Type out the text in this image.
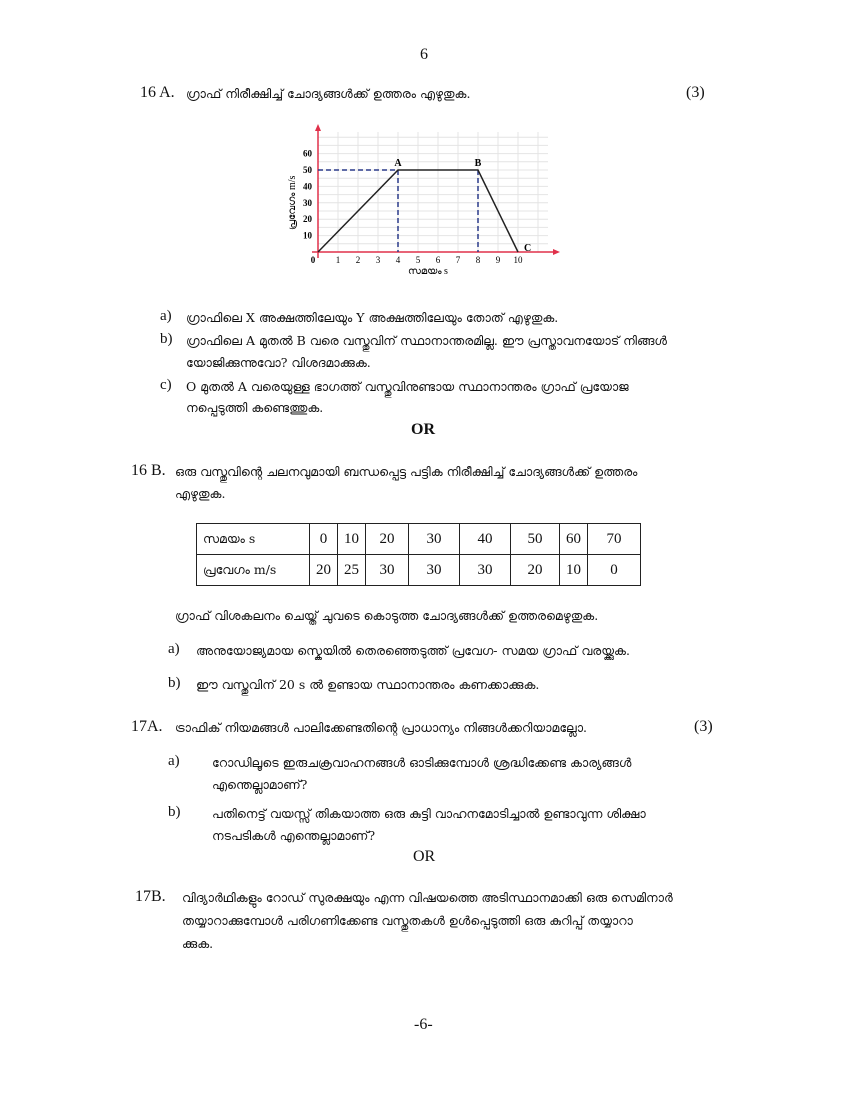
6
16 A. ഗ്രാഫ് നിരീക്ഷിച്ച് ചോദ്യങ്ങൾക്ക് ഉത്തരം എഴുതുക.	(3)
1 2 3 4 5 6 7 8 9 10
0
10
20
30
40
50
60
A	B
C
സമയം s
പ്രവേഗം m/s
a) ഗ്രാഫിലെ X അക്ഷത്തിലേയും Y അക്ഷത്തിലേയും തോത് എഴുതുക.
b) ഗ്രാഫിലെ A മുതൽ B വരെ വസ്തുവിന് സ്ഥാനാന്തരമില്ല. ഈ പ്രസ്താവനയോട് നിങ്ങൾ
യോജിക്കുന്നുവോ? വിശദമാക്കുക.
c) O മുതൽ A വരെയുള്ള ഭാഗത്ത് വസ്തുവിനുണ്ടായ സ്ഥാനാന്തരം ഗ്രാഫ് പ്രയോജ
നപ്പെടുത്തി കണ്ടെത്തുക.
OR
16 B. ഒരു വസ്തുവിന്റെ ചലനവുമായി ബന്ധപ്പെട്ട പട്ടിക നിരീക്ഷിച്ച് ചോദ്യങ്ങൾക്ക് ഉത്തരം
എഴുതുക.
സമയം s	0	10	20	30	40	50	60	70
പ്രവേഗം m/s	20	25	30	30	30	20	10	0
ഗ്രാഫ് വിശകലനം ചെയ്ത് ചുവടെ കൊടുത്ത ചോദ്യങ്ങൾക്ക് ഉത്തരമെഴുതുക.
a) അനുയോജ്യമായ സ്കെയിൽ തെരഞ്ഞെടുത്ത് പ്രവേഗ- സമയ ഗ്രാഫ് വരയ്ക്കുക.
b) ഈ വസ്തുവിന് 20 s ൽ ഉണ്ടായ സ്ഥാനാന്തരം കണക്കാക്കുക.
17A. ട്രാഫിക് നിയമങ്ങൾ പാലിക്കേണ്ടതിന്റെ പ്രാധാന്യം നിങ്ങൾക്കറിയാമല്ലോ.	(3)
a)	റോഡിലൂടെ ഇരുചക്രവാഹനങ്ങൾ ഓടിക്കുമ്പോൾ ശ്രദ്ധിക്കേണ്ട കാര്യങ്ങൾ
എന്തെല്ലാമാണ്?
b)	പതിനെട്ട് വയസ്സ് തികയാത്ത ഒരു കുട്ടി വാഹനമോടിച്ചാൽ ഉണ്ടാവുന്ന ശിക്ഷാ
നടപടികൾ എന്തെല്ലാമാണ്?
OR
17B. വിദ്യാർഥികളും റോഡ് സുരക്ഷയും എന്ന വിഷയത്തെ അടിസ്ഥാനമാക്കി ഒരു സെമിനാർ
തയ്യാറാക്കുമ്പോൾ പരിഗണിക്കേണ്ട വസ്തുതകൾ ഉൾപ്പെടുത്തി ഒരു കുറിപ്പ് തയ്യാറാ
ക്കുക.
-6-
